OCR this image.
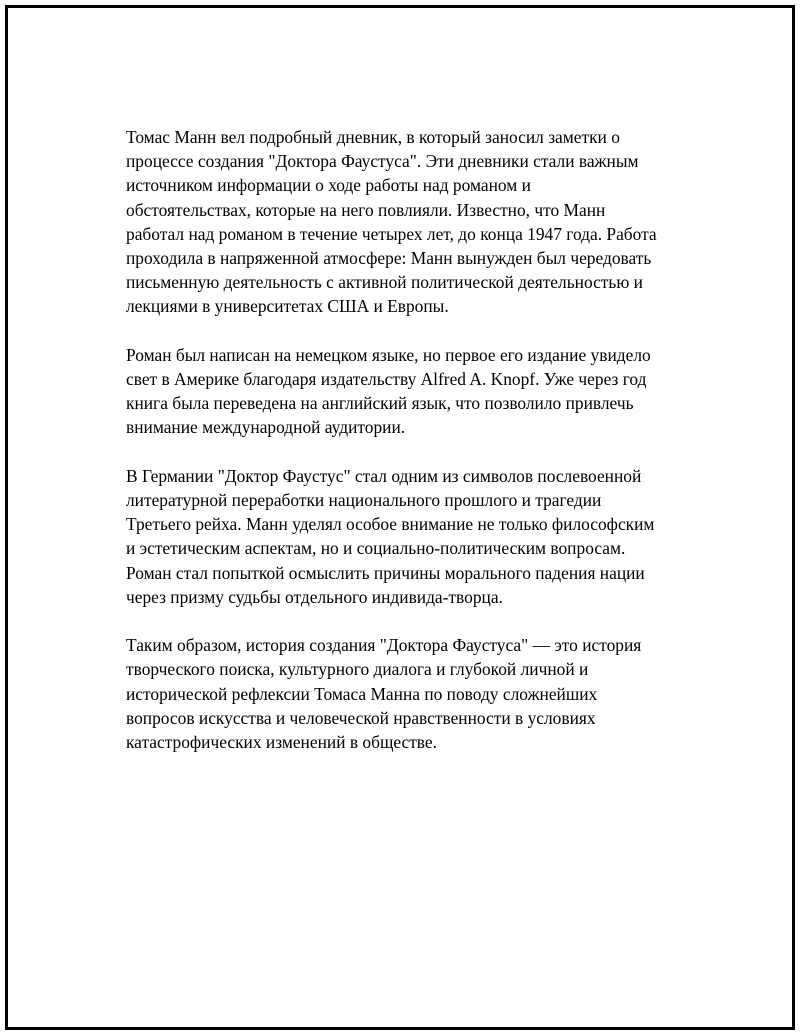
Томас Манн вел подробный дневник, в который заносил заметки о
процессе создания "Доктора Фаустуса". Эти дневники стали важным
источником информации о ходе работы над романом и
обстоятельствах, которые на него повлияли. Известно, что Манн
работал над романом в течение четырех лет, до конца 1947 года. Работа
проходила в напряженной атмосфере: Манн вынужден был чередовать
письменную деятельность с активной политической деятельностью и
лекциями в университетах США и Европы.

Роман был написан на немецком языке, но первое его издание увидело
свет в Америке благодаря издательству Alfred A. Knopf. Уже через год
книга была переведена на английский язык, что позволило привлечь
внимание международной аудитории.

В Германии "Доктор Фаустус" стал одним из символов послевоенной
литературной переработки национального прошлого и трагедии
Третьего рейха. Манн уделял особое внимание не только философским
и эстетическим аспектам, но и социально-политическим вопросам.
Роман стал попыткой осмыслить причины морального падения нации
через призму судьбы отдельного индивида-творца.

Таким образом, история создания "Доктора Фаустуса" — это история
творческого поиска, культурного диалога и глубокой личной и
исторической рефлексии Томаса Манна по поводу сложнейших
вопросов искусства и человеческой нравственности в условиях
катастрофических изменений в обществе.
